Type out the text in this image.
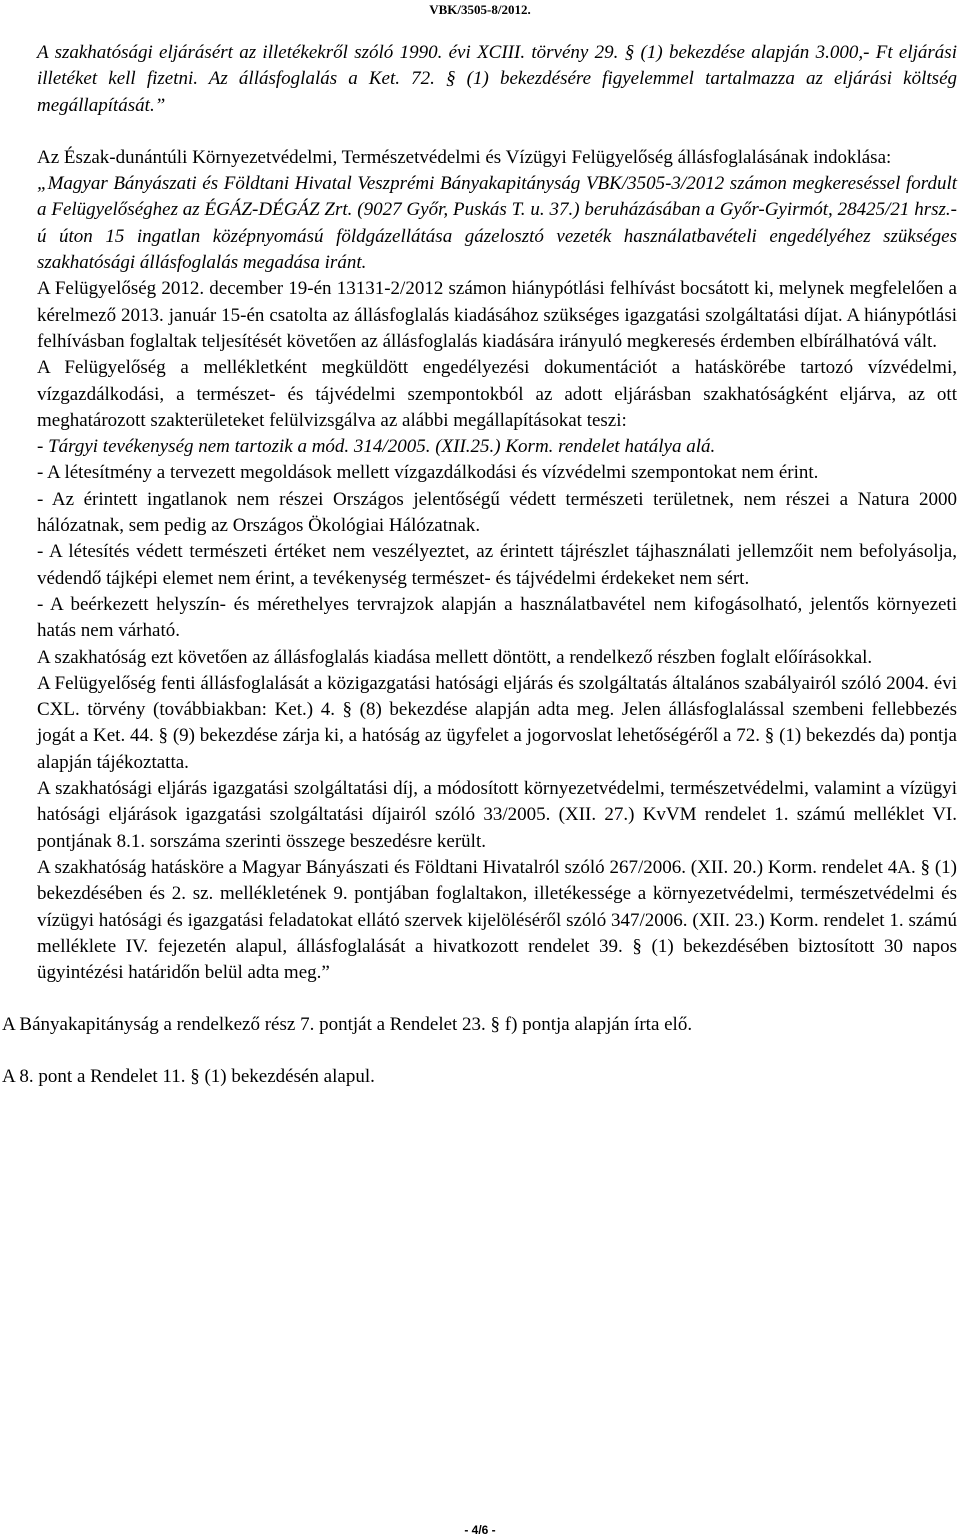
VBK/3505-8/2012.

A szakhatósági eljárásért az illetékekről szóló 1990. évi XCIII. törvény 29. § (1) bekezdése alapján 3.000,- Ft eljárási illetéket kell fizetni. Az állásfoglalás a Ket. 72. § (1) bekezdésére figyelemmel tartalmazza az eljárási költség megállapítását.”

Az Észak-dunántúli Környezetvédelmi, Természetvédelmi és Vízügyi Felügyelőség állásfoglalásának indoklása:

„Magyar Bányászati és Földtani Hivatal Veszprémi Bányakapitányság VBK/3505-3/2012 számon megkereséssel fordult a Felügyelőséghez az ÉGÁZ-DÉGÁZ Zrt. (9027 Győr, Puskás T. u. 37.) beruházásában a Győr-Gyirmót, 28425/21 hrsz.-ú úton 15 ingatlan középnyomású földgázellátása gázelosztó vezeték használatbavételi engedélyéhez szükséges szakhatósági állásfoglalás megadása iránt.

A Felügyelőség 2012. december 19-én 13131-2/2012 számon hiánypótlási felhívást bocsátott ki, melynek megfelelően a kérelmező 2013. január 15-én csatolta az állásfoglalás kiadásához szükséges igazgatási szolgáltatási díjat. A hiánypótlási felhívásban foglaltak teljesítését követően az állásfoglalás kiadására irányuló megkeresés érdemben elbírálhatóvá vált.

A Felügyelőség a mellékletként megküldött engedélyezési dokumentációt a hatáskörébe tartozó vízvédelmi, vízgazdálkodási, a természet- és tájvédelmi szempontokból az adott eljárásban szakhatóságként eljárva, az ott meghatározott szakterületeket felülvizsgálva az alábbi megállapításokat teszi:

- Tárgyi tevékenység nem tartozik a mód. 314/2005. (XII.25.) Korm. rendelet hatálya alá.

- A létesítmény a tervezett megoldások mellett vízgazdálkodási és vízvédelmi szempontokat nem érint.

- Az érintett ingatlanok nem részei Országos jelentőségű védett természeti területnek, nem részei a Natura 2000 hálózatnak, sem pedig az Országos Ökológiai Hálózatnak.

- A létesítés védett természeti értéket nem veszélyeztet, az érintett tájrészlet tájhasználati jellemzőit nem befolyásolja, védendő tájképi elemet nem érint, a tevékenység természet- és tájvédelmi érdekeket nem sért.

- A beérkezett helyszín- és mérethelyes tervrajzok alapján a használatbavétel nem kifogásolható, jelentős környezeti hatás nem várható.

A szakhatóság ezt követően az állásfoglalás kiadása mellett döntött, a rendelkező részben foglalt előírásokkal.

A Felügyelőség fenti állásfoglalását a közigazgatási hatósági eljárás és szolgáltatás általános szabályairól szóló 2004. évi CXL. törvény (továbbiakban: Ket.) 4. § (8) bekezdése alapján adta meg. Jelen állásfoglalással szembeni fellebbezés jogát a Ket. 44. § (9) bekezdése zárja ki, a hatóság az ügyfelet a jogorvoslat lehetőségéről a 72. § (1) bekezdés da) pontja alapján tájékoztatta.

A szakhatósági eljárás igazgatási szolgáltatási díj, a módosított környezetvédelmi, természetvédelmi, valamint a vízügyi hatósági eljárások igazgatási szolgáltatási díjairól szóló 33/2005. (XII. 27.) KvVM rendelet 1. számú melléklet VI. pontjának 8.1. sorszáma szerinti összege beszedésre került.

A szakhatóság hatásköre a Magyar Bányászati és Földtani Hivatalról szóló 267/2006. (XII. 20.) Korm. rendelet 4A. § (1) bekezdésében és 2. sz. mellékletének 9. pontjában foglaltakon, illetékessége a környezetvédelmi, természetvédelmi és vízügyi hatósági és igazgatási feladatokat ellátó szervek kijelöléséről szóló 347/2006. (XII. 23.) Korm. rendelet 1. számú melléklete IV. fejezetén alapul, állásfoglalását a hivatkozott rendelet 39. § (1) bekezdésében biztosított 30 napos ügyintézési határidőn belül adta meg.”

A Bányakapitányság a rendelkező rész 7. pontját a Rendelet 23. § f) pontja alapján írta elő.

A 8. pont a Rendelet 11. § (1) bekezdésén alapul.

- 4/6 -
